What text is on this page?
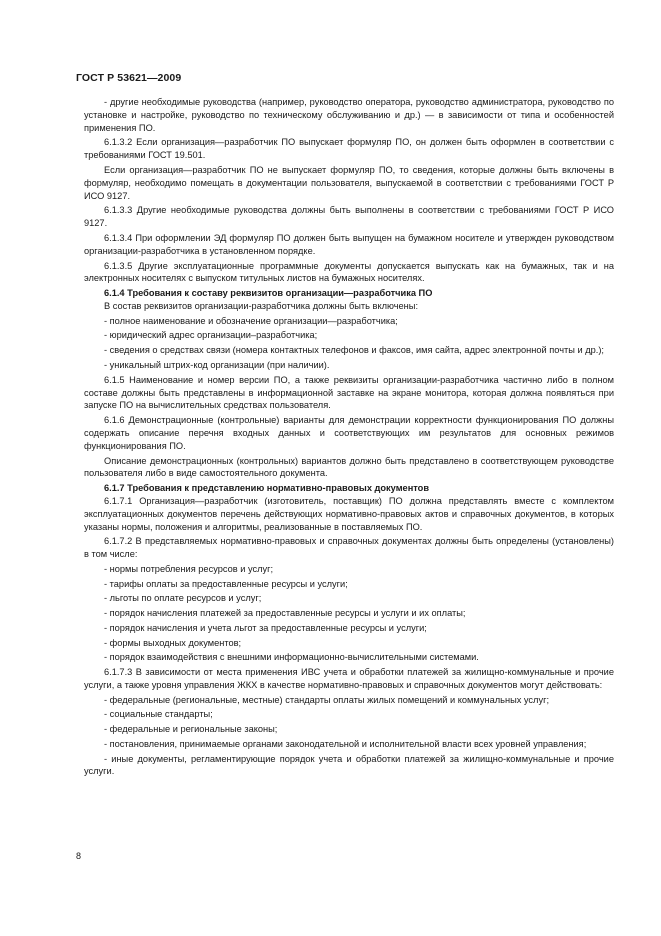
ГОСТ Р 53621—2009

- другие необходимые руководства (например, руководство оператора, руководство администратора, руководство по установке и настройке, руководство по техническому обслуживанию и др.) — в зависимости от типа и особенностей применения ПО.

6.1.3.2 Если организация—разработчик ПО выпускает формуляр ПО, он должен быть оформлен в соответствии с требованиями ГОСТ 19.501.

Если организация—разработчик ПО не выпускает формуляр ПО, то сведения, которые должны быть включены в формуляр, необходимо помещать в документации пользователя, выпускаемой в соответствии с требованиями ГОСТ Р ИСО 9127.

6.1.3.3 Другие необходимые руководства должны быть выполнены в соответствии с требованиями ГОСТ Р ИСО 9127.

6.1.3.4 При оформлении ЭД формуляр ПО должен быть выпущен на бумажном носителе и утвержден руководством организации-разработчика в установленном порядке.

6.1.3.5 Другие эксплуатационные программные документы допускается выпускать как на бумажных, так и на электронных носителях с выпуском титульных листов на бумажных носителях.

6.1.4 Требования к составу реквизитов организации—разработчика ПО

В состав реквизитов организации-разработчика должны быть включены:

- полное наименование и обозначение организации—разработчика;

- юридический адрес организации–разработчика;

- сведения о средствах связи (номера контактных телефонов и факсов, имя сайта, адрес электронной почты и др.);

- уникальный штрих-код организации (при наличии).

6.1.5 Наименование и номер версии ПО, а также реквизиты организации-разработчика частично либо в полном составе должны быть представлены в информационной заставке на экране монитора, которая должна появляться при запуске ПО на вычислительных средствах пользователя.

6.1.6 Демонстрационные (контрольные) варианты для демонстрации корректности функционирования ПО должны содержать описание перечня входных данных и соответствующих им результатов для основных режимов функционирования ПО.

Описание демонстрационных (контрольных) вариантов должно быть представлено в соответствующем руководстве пользователя либо в виде самостоятельного документа.

6.1.7 Требования к представлению нормативно-правовых документов

6.1.7.1 Организация—разработчик (изготовитель, поставщик) ПО должна представлять вместе с комплектом эксплуатационных документов перечень действующих нормативно-правовых актов и справочных документов, в которых указаны нормы, положения и алгоритмы, реализованные в поставляемых ПО.

6.1.7.2 В представляемых нормативно-правовых и справочных документах должны быть определены (установлены) в том числе:

- нормы потребления ресурсов и услуг;

- тарифы оплаты за предоставленные ресурсы и услуги;

- льготы по оплате ресурсов и услуг;

- порядок начисления платежей за предоставленные ресурсы и услуги и их оплаты;

- порядок начисления и учета льгот за предоставленные ресурсы и услуги;

- формы выходных документов;

- порядок взаимодействия с внешними информационно-вычислительными системами.

6.1.7.3 В зависимости от места применения ИВС учета и обработки платежей за жилищно-коммунальные и прочие услуги, а также уровня управления ЖКХ в качестве нормативно-правовых и справочных документов могут действовать:

- федеральные (региональные, местные) стандарты оплаты жилых помещений и коммунальных услуг;

- социальные стандарты;

- федеральные и региональные законы;

- постановления, принимаемые органами законодательной и исполнительной власти всех уровней управления;

- иные документы, регламентирующие порядок учета и обработки платежей за жилищно-коммунальные и прочие услуги.

8
